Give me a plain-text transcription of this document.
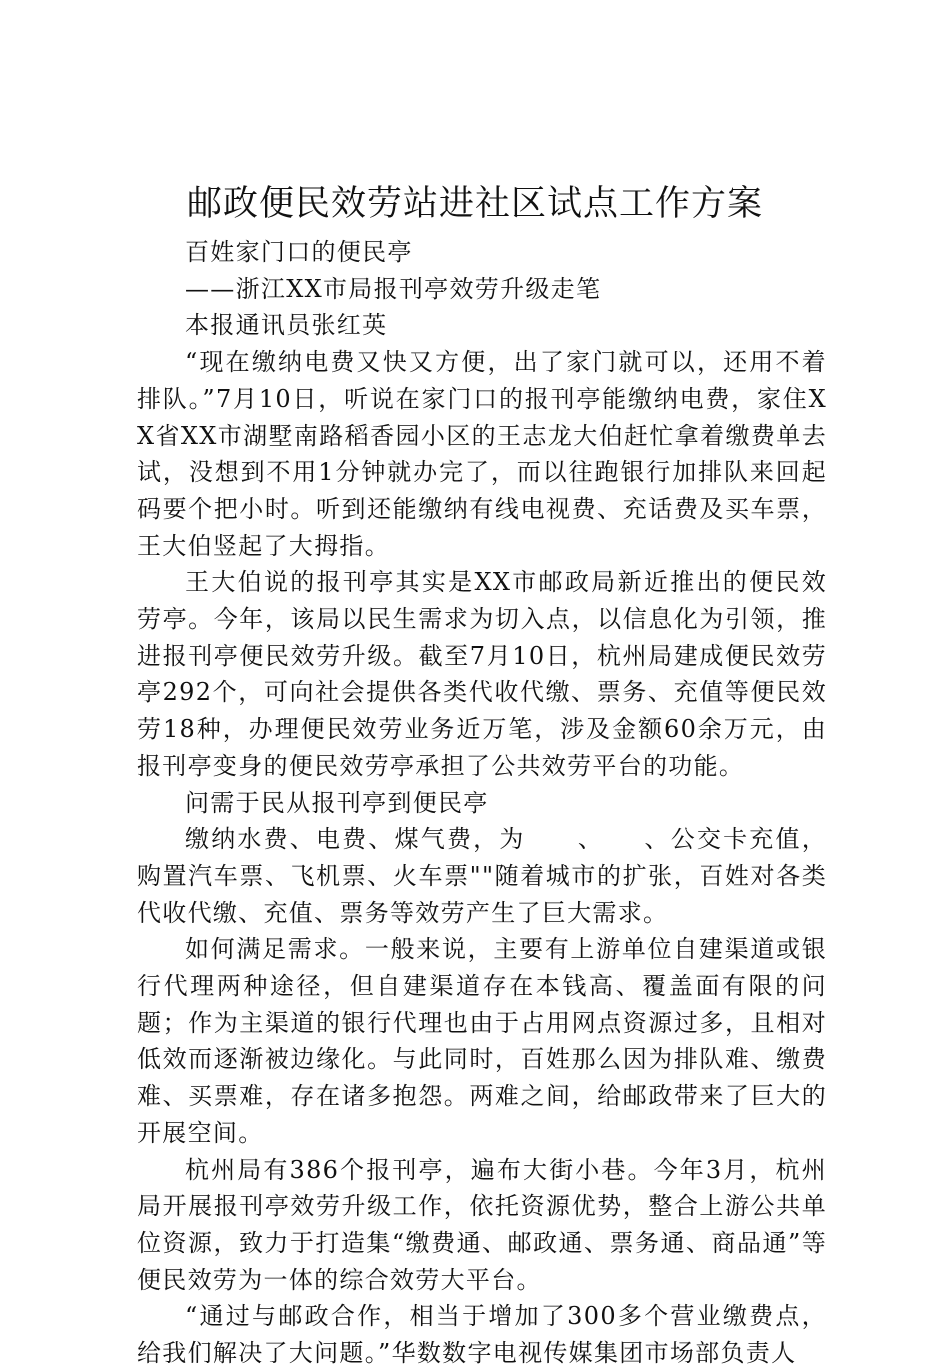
邮政便民效劳站进社区试点工作方案

百姓家门口的便民亭

——浙江XX市局报刊亭效劳升级走笔

本报通讯员张红英

“现在缴纳电费又快又方便，出了家门就可以，还用不着排队。”7月10日，听说在家门口的报刊亭能缴纳电费，家住XX省XX市湖墅南路稻香园小区的王志龙大伯赶忙拿着缴费单去试，没想到不用1分钟就办完了，而以往跑银行加排队来回起码要个把小时。听到还能缴纳有线电视费、充话费及买车票，王大伯竖起了大拇指。

王大伯说的报刊亭其实是XX市邮政局新近推出的便民效劳亭。今年，该局以民生需求为切入点，以信息化为引领，推进报刊亭便民效劳升级。截至7月10日，杭州局建成便民效劳亭292个，可向社会提供各类代收代缴、票务、充值等便民效劳18种，办理便民效劳业务近万笔，涉及金额60余万元，由报刊亭变身的便民效劳亭承担了公共效劳平台的功能。

问需于民从报刊亭到便民亭

缴纳水费、电费、煤气费，为　　、　　、公交卡充值，购置汽车票、飞机票、火车票""随着城市的扩张，百姓对各类代收代缴、充值、票务等效劳产生了巨大需求。

如何满足需求。一般来说，主要有上游单位自建渠道或银行代理两种途径，但自建渠道存在本钱高、覆盖面有限的问题；作为主渠道的银行代理也由于占用网点资源过多，且相对低效而逐渐被边缘化。与此同时，百姓那么因为排队难、缴费难、买票难，存在诸多抱怨。两难之间，给邮政带来了巨大的开展空间。

杭州局有386个报刊亭，遍布大街小巷。今年3月，杭州局开展报刊亭效劳升级工作，依托资源优势，整合上游公共单位资源，致力于打造集“缴费通、邮政通、票务通、商品通”等便民效劳为一体的综合效劳大平台。

“通过与邮政合作，相当于增加了300多个营业缴费点，给我们解决了大问题。”华数数字电视传媒集团市场部负责人
